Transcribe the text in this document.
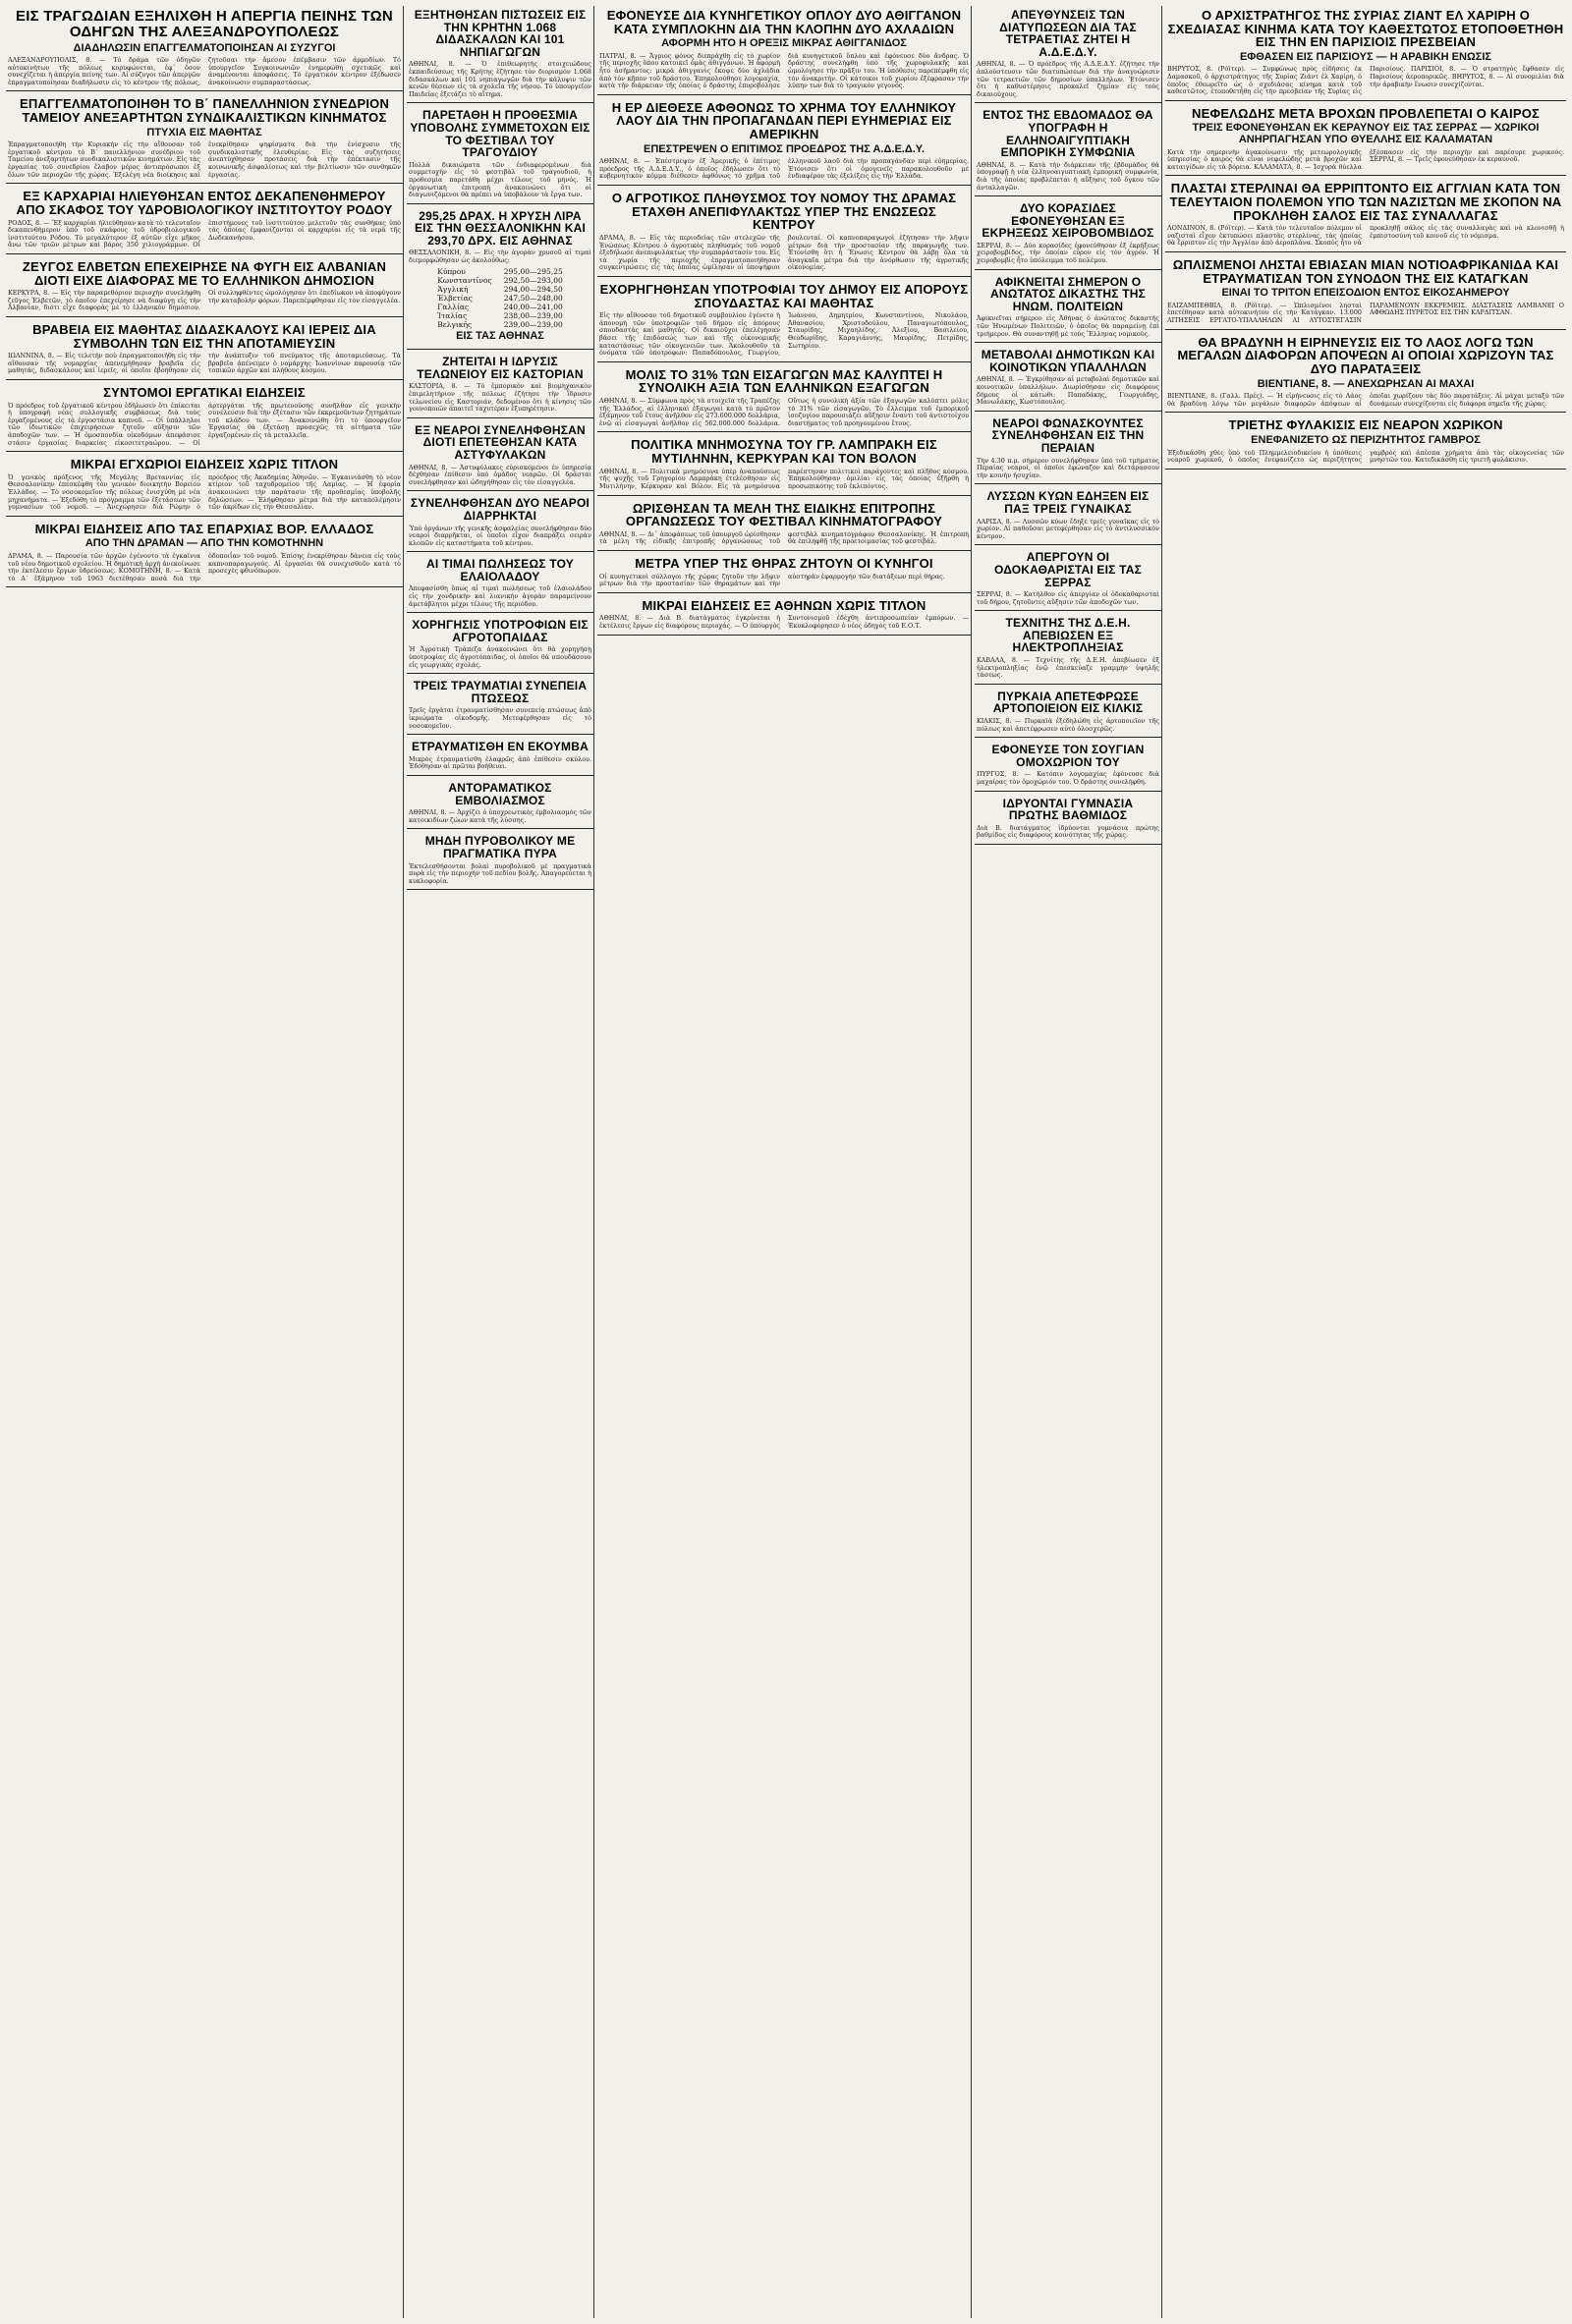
ΕΙΣ ΤΡΑΓΩΔΙΑΝ ΕΞΗΛΙΧΘΗ Η ΑΠΕΡΓΙΑ ΠΕΙΝΗΣ ΤΩΝ ΟΔΗΓΩΝ ΤΗΣ ΑΛΕΞΑΝΔΡΟΥΠΟΛΕΩΣ
ΔΙΑΔΗΛΩΣΙΝ ΕΠΑΓΓΕΛΜΑΤΟΠΟΙΗΣΑΝ ΑΙ ΣΥΖΥΓΟΙ
ΑΛΕΞΑΝΔΡΟΥΠΟΛΙΣ, 8. — Τό δράμα τῶν ὁδηγῶν αὐτοκινήτων τῆς πόλεως κορυφώνεται, ἐφ᾽ ὅσον συνεχίζεται ἡ ἀπεργία πείνης των. Αἱ σύζυγοι τῶν ἀπεργῶν ἐπραγματοποίησαν διαδήλωσιν εἰς τὸ κέντρον τῆς πόλεως, ζητοῦσαι τὴν ἄμεσον ἐπέμβασιν τῶν ἁρμοδίων. Τό ὑπουργεῖον Συγκοινωνιῶν ἐνημερώθη σχετικῶς καὶ ἀναμένονται ἀποφάσεις. Τό ἐργατικόν κέντρον ἐξέδωσεν ἀνακοίνωσιν συμπαραστάσεως.
ΕΠΑΓΓΕΛΜΑΤΟΠΟΙΗΘΗ ΤΟ Β΄ ΠΑΝΕΛΛΗΝΙΟΝ ΣΥΝΕΔΡΙΟΝ ΤΑΜΕΙΟΥ ΑΝΕΞΑΡΤΗΤΩΝ ΣΥΝΔΙΚΑΛΙΣΤΙΚΩΝ ΚΙΝΗΜΑΤΟΣ
ΠΤΥΧΙΑ ΕΙΣ ΜΑΘΗΤΑΣ
Ἐπραγματοποιήθη τὴν Κυριακήν εἰς τὴν αἴθουσαν τοῦ ἐργατικοῦ κέντρου τὸ Β΄ πανελλήνιον συνέδριον τοῦ Ταμείου ἀνεξαρτήτων συνδικαλιστικῶν κινημάτων. Εἰς τὰς ἐργασίας τοῦ συνεδρίου ἔλαβον μέρος ἀντιπρόσωποι ἐξ ὅλων τῶν περιοχῶν τῆς χώρας. Ἐξελέγη νέα διοίκησις καὶ ἐνεκρίθησαν ψηφίσματα διὰ τὴν ἐνίσχυσιν τῆς συνδικαλιστικῆς ἐλευθερίας. Εἰς τὰς συζητήσεις ἀνεπτύχθησαν προτάσεις διὰ τὴν ἐπέκτασιν τῆς κοινωνικῆς ἀσφαλίσεως καὶ τὴν βελτίωσιν τῶν συνθηκῶν ἐργασίας.
ΕΞ ΚΑΡΧΑΡΙΑΙ ΗΛΙΕΥΘΗΣΑΝ ΕΝΤΟΣ ΔΕΚΑΠΕΝΘΗΜΕΡΟΥ ΑΠΟ ΣΚΑΦΟΣ ΤΟΥ ΥΔΡΟΒΙΟΛΟΓΙΚΟΥ ΙΝΣΤΙΤΟΥΤΟΥ ΡΟΔΟΥ
ΡΟΔΟΣ, 8. — Ἕξ καρχαρίαι ἡλιεύθησαν κατὰ τὸ τελευταῖον δεκαπενθήμερον ὑπὸ τοῦ σκάφους τοῦ ὑδροβιολογικοῦ ἰνστιτούτου Ρόδου. Τό μεγαλύτερον ἐξ αὐτῶν εἶχε μῆκος ἄνω τῶν τριῶν μέτρων καὶ βάρος 350 χιλιογράμμων. Οἱ ἐπιστήμονες τοῦ ἰνστιτούτου μελετοῦν τὰς συνθήκας ὑπὸ τὰς ὁποίας ἐμφανίζονται οἱ καρχαρίαι εἰς τὰ νερὰ τῆς Δωδεκανήσου.
ΖΕΥΓΟΣ ΕΛΒΕΤΩΝ ΕΠΕΧΕΙΡΗΣΕ ΝΑ ΦΥΓΗ ΕΙΣ ΑΛΒΑΝΙΑΝ ΔΙΟΤΙ ΕΙΧΕ ΔΙΑΦΟΡΑΣ ΜΕ ΤΟ ΕΛΛΗΝΙΚΟΝ ΔΗΜΟΣΙΟΝ
ΚΕΡΚΥΡΑ, 8. — Εἰς τὴν παραμεθόριον περιοχὴν συνελήφθη ζεῦγος Ἑλβετῶν, τὸ ὁποῖον ἐπεχείρησε νὰ διαφύγῃ εἰς τὴν Ἀλβανίαν, διότι εἶχε διαφορὰς μὲ τὸ ἑλληνικὸν δημόσιον. Οἱ συλληφθέντες ὡμολόγησαν ὅτι ἐπεδίωκον νὰ ἀποφύγουν τὴν καταβολὴν φόρων. Παρεπέμφθησαν εἰς τὸν εἰσαγγελέα.
ΒΡΑΒΕΙΑ ΕΙΣ ΜΑΘΗΤΑΣ ΔΙΔΑΣΚΑΛΟΥΣ ΚΑΙ ΙΕΡΕΙΣ ΔΙΑ ΣΥΜΒΟΛΗΝ ΤΩΝ ΕΙΣ ΤΗΝ ΑΠΟΤΑΜΙΕΥΣΙΝ
ΙΩΑΝΝΙΝΑ, 8. — Εἰς τελετὴν ποὺ ἐπραγματοποιήθη εἰς τὴν αἴθουσαν τῆς νομαρχίας ἀπενεμήθησαν βραβεῖα εἰς μαθητάς, διδασκάλους καὶ ἱερεῖς, οἱ ὁποῖοι ἐβοήθησαν εἰς τὴν ἀνάπτυξιν τοῦ πνεύματος τῆς ἀποταμιεύσεως. Τὰ βραβεῖα ἀπένειμεν ὁ νομάρχης Ἰωαννίνων παρουσίᾳ τῶν τοπικῶν ἀρχῶν καὶ πλήθους κόσμου.
ΣΥΝΤΟΜΟΙ ΕΡΓΑΤΙΚΑΙ ΕΙΔΗΣΕΙΣ
Ὁ πρόεδρος τοῦ ἐργατικοῦ κέντρου ἐδήλωσεν ὅτι ἐπίκειται ἡ ὑπογραφὴ νέας συλλογικῆς συμβάσεως διὰ τοὺς ἐργαζομένους εἰς τὰ ἐργοστάσια καπνοῦ. — Οἱ ὑπάλληλοι τῶν ἰδιωτικῶν ἐπιχειρήσεων ζητοῦν αὔξησιν τῶν ἀποδοχῶν των. — Ἡ ὁμοσπονδία οἰκοδόμων ἀπεφάσισε στάσιν ἐργασίας διαρκείας εἰκοσιτετραώρου. — Οἱ ἀρτεργάται τῆς πρωτευούσης συνῆλθον εἰς γενικὴν συνέλευσιν διὰ τὴν ἐξέτασιν τῶν ἐκκρεμούντων ζητημάτων τοῦ κλάδου των. — Ἀνακοινώθη ὅτι τὸ ὑπουργεῖον Ἐργασίας θὰ ἐξετάσῃ προσεχῶς τὰ αἰτήματα τῶν ἐργαζομένων εἰς τὰ μεταλλεῖα.
ΜΙΚΡΑΙ ΕΓΧΩΡΙΟΙ ΕΙΔΗΣΕΙΣ ΧΩΡΙΣ ΤΙΤΛΟΝ
Ὁ γενικὸς πρόξενος τῆς Μεγάλης Βρεταννίας εἰς Θεσσαλονίκην ἐπεσκέφθη τὸν γενικὸν διοικητὴν Βορείου Ἑλλάδος. — Τὸ νοσοκομεῖον τῆς πόλεως ἐνισχύθη μὲ νέα μηχανήματα. — Ἐξεδόθη τὸ πρόγραμμα τῶν ἐξετάσεων τῶν γυμνασίων τοῦ νομοῦ. — Ἀνεχώρησεν διὰ Ρώμην ὁ πρόεδρος τῆς Ἀκαδημίας Ἀθηνῶν. — Ἐγκαινιάσθη τὸ νέον κτίριον τοῦ ταχυδρομείου τῆς Λαμίας. — Ἡ ἐφορία ἀνακοινώνει τὴν παράτασιν τῆς προθεσμίας ὑποβολῆς δηλώσεων. — Ἐλήφθησαν μέτρα διὰ τὴν καταπολέμησιν τῶν ἀκρίδων εἰς τὴν Θεσσαλίαν.
ΜΙΚΡΑΙ ΕΙΔΗΣΕΙΣ ΑΠΟ ΤΑΣ ΕΠΑΡΧΙΑΣ ΒΟΡ. ΕΛΛΑΔΟΣ
ΑΠΟ ΤΗΝ ΔΡΑΜΑΝ — ΑΠΟ ΤΗΝ ΚΟΜΟΤΗΝΗΝ
ΔΡΑΜΑ, 8. — Παρουσία τῶν ἀρχῶν ἐγένοντο τὰ ἐγκαίνια τοῦ νέου δημοτικοῦ σχολείου. Ἡ δημοτικὴ ἀρχὴ ἀνεκοίνωσε τὴν ἐκτέλεσιν ἔργων ὑδρεύσεως. ΚΟΜΟΤΗΝΗ, 8. — Κατὰ τὸ Α΄ ἑξάμηνον τοῦ 1963 διετέθησαν ποσὰ διὰ τὴν ὁδοποιΐαν τοῦ νομοῦ. Ἐπίσης ἐνεκρίθησαν δάνεια εἰς τοὺς καπνοπαραγωγούς. Αἱ ἐργασίαι θὰ συνεχισθοῦν κατὰ τὸ προσεχὲς φθινόπωρον.
ΕΞΗΤΗΘΗΣΑΝ ΠΙΣΤΩΣΕΙΣ ΕΙΣ ΤΗΝ ΚΡΗΤΗΝ 1.068 ΔΙΔΑΣΚΑΛΩΝ ΚΑΙ 101 ΝΗΠΙΑΓΩΓΩΝ
ΑΘΗΝΑΙ, 8. — Ὁ ἐπιθεωρητὴς στοιχειώδους ἐκπαιδεύσεως τῆς Κρήτης ἐζήτησε τὸν διορισμὸν 1.068 διδασκάλων καὶ 101 νηπιαγωγῶν διὰ τὴν κάλυψιν τῶν κενῶν θέσεων εἰς τὰ σχολεῖα τῆς νήσου. Τό ὑπουργεῖον Παιδείας ἐξετάζει τὸ αἴτημα.
ΠΑΡΕΤΑΘΗ Η ΠΡΟΘΕΣΜΙΑ ΥΠΟΒΟΛΗΣ ΣΥΜΜΕΤΟΧΩΝ ΕΙΣ ΤΟ ΦΕΣΤΙΒΑΛ ΤΟΥ ΤΡΑΓΟΥΔΙΟΥ
Πολλὰ δικαιώματα τῶν ἐνδιαφερομένων διὰ συμμετοχὴν εἰς τὸ φεστιβὰλ τοῦ τραγουδιοῦ, ἡ προθεσμία παρετάθη μέχρι τέλους τοῦ μηνός. Ἡ ὀργανωτικὴ ἐπιτροπὴ ἀνακοινώνει ὅτι οἱ διαγωνιζόμενοι θὰ πρέπει νὰ ὑποβάλουν τὰ ἔργα των.
295,25 ΔΡΑΧ. Η ΧΡΥΣΗ ΛΙΡΑ ΕΙΣ ΤΗΝ ΘΕΣΣΑΛΟΝΙΚΗΝ ΚΑΙ 293,70 ΔΡΧ. ΕΙΣ ΑΘΗΝΑΣ
ΘΕΣΣΑΛΟΝΙΚΗ, 8. — Εἰς τὴν ἀγορὰν χρυσοῦ αἱ τιμαὶ διεμορφώθησαν ὡς ἀκολούθως:
Κύπρου	295,00—295,25
Κωνσταντῖνος	292,50—293,00
Ἀγγλική	294,00—294,50
Ἑλβετίας	247,50—248,00
Γαλλίας	240,00—241,00
Ἰταλίας	238,00—239,00
Βελγικῆς	239,00—239,00
ΕΙΣ ΤΑΣ ΑΘΗΝΑΣ
ΖΗΤΕΙΤΑΙ Η ΙΔΡΥΣΙΣ ΤΕΛΩΝΕΙΟΥ ΕΙΣ ΚΑΣΤΟΡΙΑΝ
ΚΑΣΤΟΡΙΑ, 8. — Τό ἐμπορικὸν καὶ βιομηχανικὸν ἐπιμελητήριον τῆς πόλεως ἐζήτησε τὴν ἵδρυσιν τελωνείου εἰς Καστοριάν, δεδομένου ὅτι ἡ κίνησις τῶν γουνοποιῶν ἀπαιτεῖ ταχυτέραν ἐξυπηρέτησιν.
ΕΞ ΝΕΑΡΟΙ ΣΥΝΕΛΗΦΘΗΣΑΝ ΔΙΟΤΙ ΕΠΕΤΕΘΗΣΑΝ ΚΑΤΑ ΑΣΤΥΦΥΛΑΚΩΝ
ΑΘΗΝΑΙ, 8. — Ἀστυφύλακες εὑρισκόμενοι ἐν ὑπηρεσίᾳ δέχθησαν ἐπίθεσιν ὑπὸ ὁμάδος νεαρῶν. Οἱ δράσται συνελήφθησαν καὶ ὡδηγήθησαν εἰς τὸν εἰσαγγελέα.
ΣΥΝΕΛΗΦΘΗΣΑΝ ΔΥΟ ΝΕΑΡΟΙ ΔΙΑΡΡΗΚΤΑΙ
Ὑπὸ ὀργάνων τῆς γενικῆς ἀσφαλείας συνελήφθησαν δύο νεαροὶ διαρρῆκται, οἱ ὁποῖοι εἶχον διαπράξει σειρὰν κλοπῶν εἰς καταστήματα τοῦ κέντρου.
ΑΙ ΤΙΜΑΙ ΠΩΛΗΣΕΩΣ ΤΟΥ ΕΛΑΙΟΛΑΔΟΥ
Ἀπεφασίσθη ὅπως αἱ τιμαὶ πωλήσεως τοῦ ἐλαιολάδου εἰς τὴν χονδρικὴν καὶ λιανικὴν ἀγορὰν παραμείνουν ἀμετάβλητοι μέχρι τέλους τῆς περιόδου.
ΧΟΡΗΓΗΣΙΣ ΥΠΟΤΡΟΦΙΩΝ ΕΙΣ ΑΓΡΟΤΟΠΑΙΔΑΣ
Ἡ Ἀγροτικὴ Τράπεζα ἀνακοινώνει ὅτι θὰ χορηγήσῃ ὑποτροφίας εἰς ἀγροτόπαιδας, οἱ ὁποῖοι θὰ σπουδάσουν εἰς γεωργικὰς σχολάς.
ΤΡΕΙΣ ΤΡΑΥΜΑΤΙΑΙ ΣΥΝΕΠΕΙΑ ΠΤΩΣΕΩΣ
Τρεῖς ἐργάται ἐτραυματίσθησαν συνεπείᾳ πτώσεως ἀπὸ ἰκριώματα οἰκοδομῆς. Μετεφέρθησαν εἰς τὸ νοσοκομεῖον.
ΕΤΡΑΥΜΑΤΙΣΘΗ ΕΝ ΕΚΟΥΜΒΑ
Μικρὸς ἐτραυματίσθη ἐλαφρῶς ἀπὸ ἐπίθεσιν σκύλου. Ἐδόθησαν αἱ πρῶται βοήθειαι.
ΑΝΤΟΡΑΜΑΤΙΚΟΣ ΕΜΒΟΛΙΑΣΜΟΣ
ΑΘΗΝΑΙ, 8. — Ἀρχίζει ὁ ὑποχρεωτικὸς ἐμβολιασμὸς τῶν κατοικιδίων ζώων κατὰ τῆς λύσσης.
ΜΗΔΗ ΠΥΡΟΒΟΛΙΚΟΥ ΜΕ ΠΡΑΓΜΑΤΙΚΑ ΠΥΡΑ
Ἐκτελεσθήσονται βολαὶ πυροβολικοῦ μὲ πραγματικὰ πυρὰ εἰς τὴν περιοχὴν τοῦ πεδίου βολῆς. Ἀπαγορεύεται ἡ κυκλοφορία.
ΕΦΟΝΕΥΣΕ ΔΙΑ ΚΥΝΗΓΕΤΙΚΟΥ ΟΠΛΟΥ ΔΥΟ ΑΘΙΓΓΑΝΟΝ ΚΑΤΑ ΣΥΜΠΛΟΚΗΝ ΔΙΑ ΤΗΝ ΚΛΟΠΗΝ ΔΥΟ ΑΧΛΑΔΙΩΝ
ΑΦΟΡΜΗ ΗΤΟ Η ΟΡΕΞΙΣ ΜΙΚΡΑΣ ΑΘΙΓΓΑΝΙΔΟΣ
ΠΑΤΡΑΙ, 8. — Ἄγριος φόνος διεπράχθη εἰς τὸ χωρίον τῆς περιοχῆς ὅπου κατοικεῖ ὁμὰς ἀθιγγάνων. Ἡ ἀφορμὴ ἦτο ἀσήμαντος: μικρὰ ἀθιγγανὶς ἔκοψε δύο ἀχλάδια ἀπὸ τὸν κῆπον τοῦ δράστου. Ἐπηκολούθησε λογομαχία, κατὰ τὴν διάρκειαν τῆς ὁποίας ὁ δράστης ἐπυροβόλησε διὰ κυνηγετικοῦ ὅπλου καὶ ἐφόνευσε δύο ἄνδρας. Ὁ δράστης συνελήφθη ὑπὸ τῆς χωροφυλακῆς καὶ ὡμολόγησε τὴν πρᾶξιν του. Ἡ ὑπόθεσις παρεπέμφθη εἰς τὸν ἀνακριτήν. Οἱ κάτοικοι τοῦ χωρίου ἐξέφρασαν τὴν λύπην των διὰ τὸ τραγικὸν γεγονός.
Η ΕΡ ΔΙΕΘΕΣΕ ΑΦΘΟΝΩΣ ΤΟ ΧΡΗΜΑ ΤΟΥ ΕΛΛΗΝΙΚΟΥ ΛΑΟΥ ΔΙΑ ΤΗΝ ΠΡΟΠΑΓΑΝΔΑΝ ΠΕΡΙ ΕΥΗΜΕΡΙΑΣ ΕΙΣ ΑΜΕΡΙΚΗΝ
ΕΠΕΣΤΡΕΨΕΝ Ο ΕΠΙΤΙΜΟΣ ΠΡΟΕΔΡΟΣ ΤΗΣ Α.Δ.Ε.Δ.Υ.
ΑΘΗΝΑΙ, 8. — Ἐπέστρεψεν ἐξ Ἀμερικῆς ὁ ἐπίτιμος πρόεδρος τῆς Α.Δ.Ε.Δ.Υ., ὁ ὁποῖος ἐδήλωσεν ὅτι τὸ κυβερνητικὸν κόμμα διέθεσεν ἀφθόνως τὸ χρῆμα τοῦ ἑλληνικοῦ λαοῦ διὰ τὴν προπαγάνδαν περὶ εὐημερίας. Ἐτόνισεν ὅτι οἱ ὁμογενεῖς παρακολουθοῦν μὲ ἐνδιαφέρον τὰς ἐξελίξεις εἰς τὴν Ἑλλάδα.
Ο ΑΓΡΟΤΙΚΟΣ ΠΛΗΘΥΣΜΟΣ ΤΟΥ ΝΟΜΟΥ ΤΗΣ ΔΡΑΜΑΣ ΕΤΑΧΘΗ ΑΝΕΠΙΦΥΛΑΚΤΩΣ ΥΠΕΡ ΤΗΣ ΕΝΩΣΕΩΣ ΚΕΝΤΡΟΥ
ΔΡΑΜΑ, 8. — Εἰς τὰς περιοδείας τῶν στελεχῶν τῆς Ἑνώσεως Κέντρου ὁ ἀγροτικὸς πληθυσμὸς τοῦ νομοῦ ἐξεδήλωσε ἀνεπιφυλάκτως τὴν συμπαράστασίν του. Εἰς τὰ χωρία τῆς περιοχῆς ἐπραγματοποιήθησαν συγκεντρώσεις εἰς τὰς ὁποίας ὡμίλησαν οἱ ὑποψήφιοι βουλευταί. Οἱ καπνοπαραγωγοὶ ἐζήτησαν τὴν λῆψιν μέτρων διὰ τὴν προστασίαν τῆς παραγωγῆς των. Ἐτονίσθη ὅτι ἡ Ἕνωσις Κέντρου θὰ λάβῃ ὅλα τὰ ἀναγκαῖα μέτρα διὰ τὴν ἀνόρθωσιν τῆς ἀγροτικῆς οἰκονομίας.
ΕΧΟΡΗΓΗΘΗΣΑΝ ΥΠΟΤΡΟΦΙΑΙ ΤΟΥ ΔΗΜΟΥ ΕΙΣ ΑΠΟΡΟΥΣ ΣΠΟΥΔΑΣΤΑΣ ΚΑΙ ΜΑΘΗΤΑΣ
Εἰς τὴν αἴθουσαν τοῦ δημοτικοῦ συμβουλίου ἐγένετο ἡ ἀπονομὴ τῶν ὑποτροφιῶν τοῦ δήμου εἰς ἀπόρους σπουδαστὰς καὶ μαθητάς. Οἱ δικαιοῦχοι ἐπελέγησαν βάσει τῆς ἐπιδόσεώς των καὶ τῆς οἰκονομικῆς καταστάσεως τῶν οἰκογενειῶν των. Ἀκολουθοῦν τὰ ὀνόματα τῶν ὑποτρόφων: Παπαδόπουλος, Γεωργίου, Ἰωάννου, Δημητρίου, Κωνσταντίνου, Νικολάου, Ἀθανασίου, Χριστοδούλου, Παναγιωτόπουλος, Σταυρίδης, Μιχαηλίδης, Ἀλεξίου, Βασιλείου, Θεοδωρίδης, Καραγιάννης, Μαυρίδης, Πετρίδης, Σωτηρίου.
ΜΟΛΙΣ ΤΟ 31% ΤΩΝ ΕΙΣΑΓΩΓΩΝ ΜΑΣ ΚΑΛΥΠΤΕΙ Η ΣΥΝΟΛΙΚΗ ΑΞΙΑ ΤΩΝ ΕΛΛΗΝΙΚΩΝ ΕΞΑΓΩΓΩΝ
ΑΘΗΝΑΙ, 8. — Σύμφωνα πρὸς τὰ στοιχεῖα τῆς Τραπέζης τῆς Ἑλλάδος, αἱ ἑλληνικαὶ ἐξαγωγαὶ κατὰ τὸ πρῶτον ἑξάμηνον τοῦ ἔτους ἀνῆλθον εἰς 273.600.000 δολλάρια, ἐνῷ αἱ εἰσαγωγαὶ ἀνῆλθον εἰς 562.000.000 δολλάρια. Οὕτως ἡ συνολικὴ ἀξία τῶν ἐξαγωγῶν καλύπτει μόλις τὸ 31% τῶν εἰσαγωγῶν. Τὸ ἔλλειμμα τοῦ ἐμπορικοῦ ἰσοζυγίου παρουσιάζει αὔξησιν ἔναντι τοῦ ἀντιστοίχου διαστήματος τοῦ προηγουμένου ἔτους.
ΠΟΛΙΤΙΚΑ ΜΝΗΜΟΣΥΝΑ ΤΟΥ ΓΡ. ΛΑΜΠΡΑΚΗ ΕΙΣ ΜΥΤΙΛΗΝΗΝ, ΚΕΡΚΥΡΑΝ ΚΑΙ ΤΟΝ ΒΟΛΟΝ
ΑΘΗΝΑΙ, 8. — Πολιτικὰ μνημόσυνα ὑπὲρ ἀναπαύσεως τῆς ψυχῆς τοῦ Γρηγορίου Λαμπράκη ἐτελέσθησαν εἰς Μυτιλήνην, Κέρκυραν καὶ Βόλον. Εἰς τὰ μνημόσυνα παρέστησαν πολιτικοὶ παράγοντες καὶ πλῆθος κόσμου. Ἐπηκολούθησαν ὁμιλίαι εἰς τὰς ὁποίας ἐξῆρθη ἡ προσωπικότης τοῦ ἐκλιπόντος.
ΩΡΙΣΘΗΣΑΝ ΤΑ ΜΕΛΗ ΤΗΣ ΕΙΔΙΚΗΣ ΕΠΙΤΡΟΠΗΣ ΟΡΓΑΝΩΣΕΩΣ ΤΟΥ ΦΕΣΤΙΒΑΛ ΚΙΝΗΜΑΤΟΓΡΑΦΟΥ
ΑΘΗΝΑΙ, 8. — Δι᾽ ἀποφάσεως τοῦ ὑπουργοῦ ὡρίσθησαν τὰ μέλη τῆς εἰδικῆς ἐπιτροπῆς ὀργανώσεως τοῦ φεστιβὰλ κινηματογράφου Θεσσαλονίκης. Ἡ ἐπιτροπὴ θὰ ἐπιληφθῇ τῆς προετοιμασίας τοῦ φεστιβάλ.
ΜΕΤΡΑ ΥΠΕΡ ΤΗΣ ΘΗΡΑΣ ΖΗΤΟΥΝ ΟΙ ΚΥΝΗΓΟΙ
Οἱ κυνηγετικοὶ σύλλογοι τῆς χώρας ζητοῦν τὴν λῆψιν μέτρων διὰ τὴν προστασίαν τῶν θηραμάτων καὶ τὴν αὐστηρὰν ἐφαρμογὴν τῶν διατάξεων περὶ θήρας.
ΜΙΚΡΑΙ ΕΙΔΗΣΕΙΣ ΕΞ ΑΘΗΝΩΝ ΧΩΡΙΣ ΤΙΤΛΟΝ
ΑΘΗΝΑΙ, 8. — Διὰ Β. διατάγματος ἐγκρίνεται ἡ ἐκτέλεσις ἔργων εἰς διαφόρους περιοχάς. — Ὁ ὑπουργὸς Συντονισμοῦ ἐδέχθη ἀντιπροσωπείαν ἐμπόρων. — Ἐκυκλοφόρησεν ὁ νέος ὁδηγὸς τοῦ Ε.Ο.Τ.
ΑΠΕΥΘΥΝΣΕΙΣ ΤΩΝ ΔΙΑΤΥΠΩΣΕΩΝ ΔΙΑ ΤΑΣ ΤΕΤΡΑΕΤΙΑΣ ΖΗΤΕΙ Η Α.Δ.Ε.Δ.Υ.
ΑΘΗΝΑΙ, 8. — Ὁ πρόεδρος τῆς Α.Δ.Ε.Δ.Υ. ἐζήτησε τὴν ἀπλούστευσιν τῶν διατυπώσεων διὰ τὴν ἀναγνώρισιν τῶν τετραετιῶν τῶν δημοσίων ὑπαλλήλων. Ἐτόνισεν ὅτι ἡ καθυστέρησις προκαλεῖ ζημίαν εἰς τοὺς δικαιούχους.
ΕΝΤΟΣ ΤΗΣ ΕΒΔΟΜΑΔΟΣ ΘΑ ΥΠΟΓΡΑΦΗ Η ΕΛΛΗΝΟΑΙΓΥΠΤΙΑΚΗ ΕΜΠΟΡΙΚΗ ΣΥΜΦΩΝΙΑ
ΑΘΗΝΑΙ, 8. — Κατὰ τὴν διάρκειαν τῆς ἑβδομάδος θὰ ὑπογραφῇ ἡ νέα ἑλληνοαιγυπτιακὴ ἐμπορικὴ συμφωνία, διὰ τῆς ὁποίας προβλέπεται ἡ αὔξησις τοῦ ὄγκου τῶν ἀνταλλαγῶν.
ΔΥΟ ΚΟΡΑΣΙΔΕΣ ΕΦΟΝΕΥΘΗΣΑΝ ΕΞ ΕΚΡΗΞΕΩΣ ΧΕΙΡΟΒΟΜΒΙΔΟΣ
ΣΕΡΡΑΙ, 8. — Δύο κορασίδες ἐφονεύθησαν ἐξ ἐκρήξεως χειροβομβίδος, τὴν ὁποίαν εὗρον εἰς τὸν ἀγρόν. Ἡ χειροβομβὶς ἦτο ὑπόλειμμα τοῦ πολέμου.
ΑΦΙΚΝΕΙΤΑΙ ΣΗΜΕΡΟΝ Ο ΑΝΩΤΑΤΟΣ ΔΙΚΑΣΤΗΣ ΤΗΣ ΗΝΩΜ. ΠΟΛΙΤΕΙΩΝ
Ἀφικνεῖται σήμερον εἰς Ἀθήνας ὁ ἀνώτατος δικαστὴς τῶν Ἡνωμένων Πολιτειῶν, ὁ ὁποῖος θὰ παραμείνῃ ἐπὶ τριήμερον. Θὰ συναντηθῇ μὲ τοὺς Ἕλληνας νομικούς.
ΜΕΤΑΒΟΛΑΙ ΔΗΜΟΤΙΚΩΝ ΚΑΙ ΚΟΙΝΟΤΙΚΩΝ ΥΠΑΛΛΗΛΩΝ
ΑΘΗΝΑΙ, 8. — Ἐγκρίθησαν αἱ μεταβολαὶ δημοτικῶν καὶ κοινοτικῶν ὑπαλλήλων. Διωρίσθησαν εἰς διαφόρους δήμους οἱ κάτωθι: Παπαδάκης, Γεωργιάδης, Μανωλάκης, Κωστόπουλος.
ΝΕΑΡΟΙ ΦΩΝΑΣΚΟΥΝΤΕΣ ΣΥΝΕΛΗΦΘΗΣΑΝ ΕΙΣ ΤΗΝ ΠΕΡΑΙΑΝ
Τὴν 4.30 π.μ. σήμερον συνελήφθησαν ὑπὸ τοῦ τμήματος Περαίας νεαροί, οἱ ὁποῖοι ἐφώναζον καὶ διετάρασσον τὴν κοινὴν ἡσυχίαν.
ΛΥΣΣΩΝ ΚΥΩΝ ΕΔΗΞΕΝ ΕΙΣ ΠΑΞ ΤΡΕΙΣ ΓΥΝΑΙΚΑΣ
ΛΑΡΙΣΑ, 8. — Λυσσῶν κύων ἔδηξε τρεῖς γυναῖκας εἰς τὸ χωρίον. Αἱ παθοῦσαι μετεφέρθησαν εἰς τὸ ἀντιλυσσικὸν κέντρον.
ΑΠΕΡΓΟΥΝ ΟΙ ΟΔΟΚΑΘΑΡΙΣΤΑΙ ΕΙΣ ΤΑΣ ΣΕΡΡΑΣ
ΣΕΡΡΑΙ, 8. — Κατήλθον εἰς ἀπεργίαν οἱ ὁδοκαθαρισταὶ τοῦ δήμου, ζητοῦντες αὔξησιν τῶν ἀποδοχῶν των.
ΤΕΧΝΙΤΗΣ ΤΗΣ Δ.Ε.Η. ΑΠΕΒΙΩΣΕΝ ΕΞ ΗΛΕΚΤΡΟΠΛΗΞΙΑΣ
ΚΑΒΑΛΑ, 8. — Τεχνίτης τῆς Δ.Ε.Η. ἀπεβίωσεν ἐξ ἠλεκτροπληξίας ἐνῷ ἐπεσκεύαζε γραμμὴν ὑψηλῆς τάσεως.
ΠΥΡΚΑΙΑ ΑΠΕΤΕΦΡΩΣΕ ΑΡΤΟΠΟΙΕΙΟΝ ΕΙΣ ΚΙΛΚΙΣ
ΚΙΛΚΙΣ, 8. — Πυρκαϊὰ ἐξεδηλώθη εἰς ἀρτοποιεῖον τῆς πόλεως καὶ ἀπετέφρωσεν αὐτὸ ὁλοσχερῶς.
ΕΦΟΝΕΥΣΕ ΤΟΝ ΣΟΥΓΙΑΝ ΟΜΟΧΩΡΙΟΝ ΤΟΥ
ΠΥΡΓΟΣ, 8. — Κατόπιν λογομαχίας ἐφόνευσε διὰ μαχαίρας τὸν ὁμοχώριόν του. Ὁ δράστης συνελήφθη.
ΙΔΡΥΟΝΤΑΙ ΓΥΜΝΑΣΙΑ ΠΡΩΤΗΣ ΒΑΘΜΙΔΟΣ
Διὰ Β. διατάγματος ἱδρύονται γυμνάσια πρώτης βαθμίδος εἰς διαφόρους κοινότητας τῆς χώρας.
Ο ΑΡΧΙΣΤΡΑΤΗΓΟΣ ΤΗΣ ΣΥΡΙΑΣ ΖΙΑΝΤ ΕΛ ΧΑΡΙΡΗ Ο ΣΧΕΔΙΑΣΑΣ ΚΙΝΗΜΑ ΚΑΤΑ ΤΟΥ ΚΑΘΕΣΤΩΤΟΣ ΕΤΟΠΟΘΕΤΗΘΗ ΕΙΣ ΤΗΝ ΕΝ ΠΑΡΙΣΙΟΙΣ ΠΡΕΣΒΕΙΑΝ
ΕΦΘΑΣΕΝ ΕΙΣ ΠΑΡΙΣΙΟΥΣ — Η ΑΡΑΒΙΚΗ ΕΝΩΣΙΣ
ΒΗΡΥΤΟΣ, 8. (Ρόϊτερ). — Συμφώνως πρὸς εἰδήσεις ἐκ Δαμασκοῦ, ὁ ἀρχιστράτηγος τῆς Συρίας Ζιάντ ἐλ Χαρίρη, ὁ ὁποῖος ἐθεωρεῖτο ὡς ὁ σχεδιάσας κίνημα κατὰ τοῦ καθεστῶτος, ἐτοποθετήθη εἰς τὴν πρεσβείαν τῆς Συρίας εἰς Παρισίους. ΠΑΡΙΣΙΟΙ, 8. — Ὁ στρατηγὸς ἔφθασεν εἰς Παρισίους ἀεροπορικῶς. ΒΗΡΥΤΟΣ, 8. — Αἱ συνομιλίαι διὰ τὴν ἀραβικὴν ἕνωσιν συνεχίζονται.
ΝΕΦΕΛΩΔΗΣ ΜΕΤΑ ΒΡΟΧΩΝ ΠΡΟΒΛΕΠΕΤΑΙ Ο ΚΑΙΡΟΣ
ΤΡΕΙΣ ΕΦΟΝΕΥΘΗΣΑΝ ΕΚ ΚΕΡΑΥΝΟΥ ΕΙΣ ΤΑΣ ΣΕΡΡΑΣ — ΧΩΡΙΚΟΙ ΑΝΗΡΠΑΓΗΣΑΝ ΥΠΟ ΘΥΕΛΛΗΣ ΕΙΣ ΚΑΛΑΜΑΤΑΝ
Κατὰ τὴν σημερινὴν ἀνακοίνωσιν τῆς μετεωρολογικῆς ὑπηρεσίας ὁ καιρὸς θὰ εἶναι νεφελώδης μετὰ βροχῶν καὶ καταιγίδων εἰς τὰ βόρεια. ΚΑΛΑΜΑΤΑ, 8. — Ἰσχυρὰ θύελλα ἐξέσπασεν εἰς τὴν περιοχὴν καὶ παρέσυρε χωρικούς. ΣΕΡΡΑΙ, 8. — Τρεῖς ἐφονεύθησαν ἐκ κεραυνοῦ.
ΠΛΑΣΤΑΙ ΣΤΕΡΛΙΝΑΙ ΘΑ ΕΡΡΙΠΤΟΝΤΟ ΕΙΣ ΑΓΓΛΙΑΝ ΚΑΤΑ ΤΟΝ ΤΕΛΕΥΤΑΙΟΝ ΠΟΛΕΜΟΝ ΥΠΟ ΤΩΝ ΝΑΖΙΣΤΩΝ ΜΕ ΣΚΟΠΟΝ ΝΑ ΠΡΟΚΛΗΘΗ ΣΑΛΟΣ ΕΙΣ ΤΑΣ ΣΥΝΑΛΛΑΓΑΣ
ΛΟΝΔΙΝΟΝ, 8. (Ρόϊτερ). — Κατὰ τὸν τελευταῖον πόλεμον οἱ ναζισταὶ εἶχον ἐκτυπώσει πλαστὰς στερλίνας, τὰς ὁποίας θὰ ἔρριπτον εἰς τὴν Ἀγγλίαν ἀπὸ ἀεροπλάνα. Σκοπὸς ἦτο νὰ προκληθῇ σάλος εἰς τὰς συναλλαγὰς καὶ νὰ κλονισθῇ ἡ ἐμπιστοσύνη τοῦ κοινοῦ εἰς τὸ νόμισμα.
ΩΠΛΙΣΜΕΝΟΙ ΛΗΣΤΑΙ ΕΒΙΑΣΑΝ ΜΙΑΝ ΝΟΤΙΟΑΦΡΙΚΑΝΙΔΑ ΚΑΙ ΕΤΡΑΥΜΑΤΙΣΑΝ ΤΟΝ ΣΥΝΟΔΟΝ ΤΗΣ ΕΙΣ ΚΑΤΑΓΚΑΝ
ΕΙΝΑΙ ΤΟ ΤΡΙΤΟΝ ΕΠΕΙΣΟΔΙΟΝ ΕΝΤΟΣ ΕΙΚΟΣΑΗΜΕΡΟΥ
ΕΛΙΖΑΜΠΕΘΒΙΛ, 8. (Ρόϊτερ). — Ὡπλισμένοι λησταὶ ἐπετέθησαν κατὰ αὐτοκινήτου εἰς τὴν Κατάγκαν. 13.000 ΑΙΤΗΣΕΙΣ ΕΡΓΑΤΟ-ΥΠΑΛΛΗΛΩΝ ΑΙ ΑΥΤΟΣΤΕΓΑΣΙΝ ΠΑΡΑΜΕΝΟΥΝ ΕΚΚΡΕΜΕΙΣ. ΔΙΑΣΤΑΣΕΙΣ ΛΑΜΒΑΝΕΙ Ο ΑΦΘΩΔΗΣ ΠΥΡΕΤΟΣ ΕΙΣ ΤΗΝ ΚΑΡΔΙΤΣΑΝ.
ΘΑ ΒΡΑΔΥΝΗ Η ΕΙΡΗΝΕΥΣΙΣ ΕΙΣ ΤΟ ΛΑΟΣ ΛΟΓΩ ΤΩΝ ΜΕΓΑΛΩΝ ΔΙΑΦΟΡΩΝ ΑΠΟΨΕΩΝ ΑΙ ΟΠΟΙΑΙ ΧΩΡΙΖΟΥΝ ΤΑΣ ΔΥΟ ΠΑΡΑΤΑΞΕΙΣ
ΒΙΕΝΤΙΑΝΕ, 8. — ΑΝΕΧΩΡΗΣΑΝ ΑΙ ΜΑΧΑΙ
ΒΙΕΝΤΙΑΝΕ, 8. (Γαλλ. Πρές). — Ἡ εἰρήνευσις εἰς τὸ Λάος θὰ βραδύνῃ λόγῳ τῶν μεγάλων διαφορῶν ἀπόψεων αἱ ὁποῖαι χωρίζουν τὰς δύο παρατάξεις. Αἱ μάχαι μεταξὺ τῶν δυνάμεων συνεχίζονται εἰς διάφορα σημεῖα τῆς χώρας.
ΤΡΙΕΤΗΣ ΦΥΛΑΚΙΣΙΣ ΕΙΣ ΝΕΑΡΟΝ ΧΩΡΙΚΟΝ
ΕΝΕΦΑΝΙΖΕΤΟ ΩΣ ΠΕΡΙΖΗΤΗΤΟΣ ΓΑΜΒΡΟΣ
Ἐξεδικάσθη χθὲς ὑπὸ τοῦ Πλημμελειοδικείου ἡ ὑπόθεσις νεαροῦ χωρικοῦ, ὁ ὁποῖος ἐνεφανίζετο ὡς περιζήτητος γαμβρὸς καὶ ἀπέσπα χρήματα ἀπὸ τὰς οἰκογενείας τῶν μνηστῶν του. Κατεδικάσθη εἰς τριετῆ φυλάκισιν.
